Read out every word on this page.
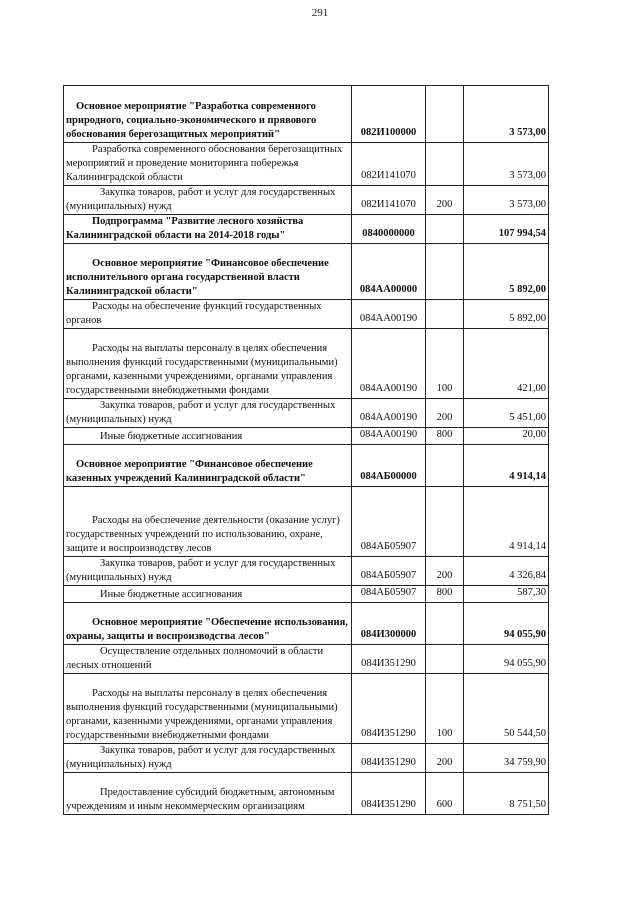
291
Основное мероприятие "Разработка современного природного, социально-экономического и прявового обоснования берегозащитных мероприятий"	082И100000		3 573,00
Разработка современного обоснования берегозащитных мероприятий и проведение мониторинга побережья Калининградской области	082И141070		3 573,00
Закупка товаров, работ и услуг для государственных (муниципальных) нужд	082И141070	200	3 573,00
Подпрограмма "Развитие лесного хозяйства Калининградской области на 2014-2018 годы"	0840000000		107 994,54
Основное мероприятие "Финансовое обеспечение исполнительного органа государственной власти Калининградской области"	084АА00000		5 892,00
Расходы на обеспечение функций государственных органов	084АА00190		5 892,00
Расходы на выплаты персоналу в целях обеспечения выполнения функций государственными (муниципальными) органами, казенными учреждениями, органами управления государственными внебюджетными фондами	084АА00190	100	421,00
Закупка товаров, работ и услуг для государственных (муниципальных) нужд	084АА00190	200	5 451,00
Иные бюджетные ассигнования	084АА00190	800	20,00
Основное мероприятие "Финансовое обеспечение казенных учреждений Калининградской области"	084АБ00000		4 914,14
Расходы на обеспечение деятельности (оказание услуг) государственных учреждений по использованию, охране, защите и воспроизводству лесов	084АБ05907		4 914,14
Закупка товаров, работ и услуг для государственных (муниципальных) нужд	084АБ05907	200	4 326,84
Иные бюджетные ассигнования	084АБ05907	800	587,30
Основное мероприятие "Обеспечение использования, охраны, защиты и воспроизводства лесов"	084И300000		94 055,90
Осуществление отдельных полномочий в области лесных отношений	084И351290		94 055,90
Расходы на выплаты персоналу в целях обеспечения выполнения функций государственными (муниципальными) органами, казенными учреждениями, органами управления государственными внебюджетными фондами	084И351290	100	50 544,50
Закупка товаров, работ и услуг для государственных (муниципальных) нужд	084И351290	200	34 759,90
Предоставление субсидий бюджетным, автономным учреждениям и иным некоммерческим организациям	084И351290	600	8 751,50
